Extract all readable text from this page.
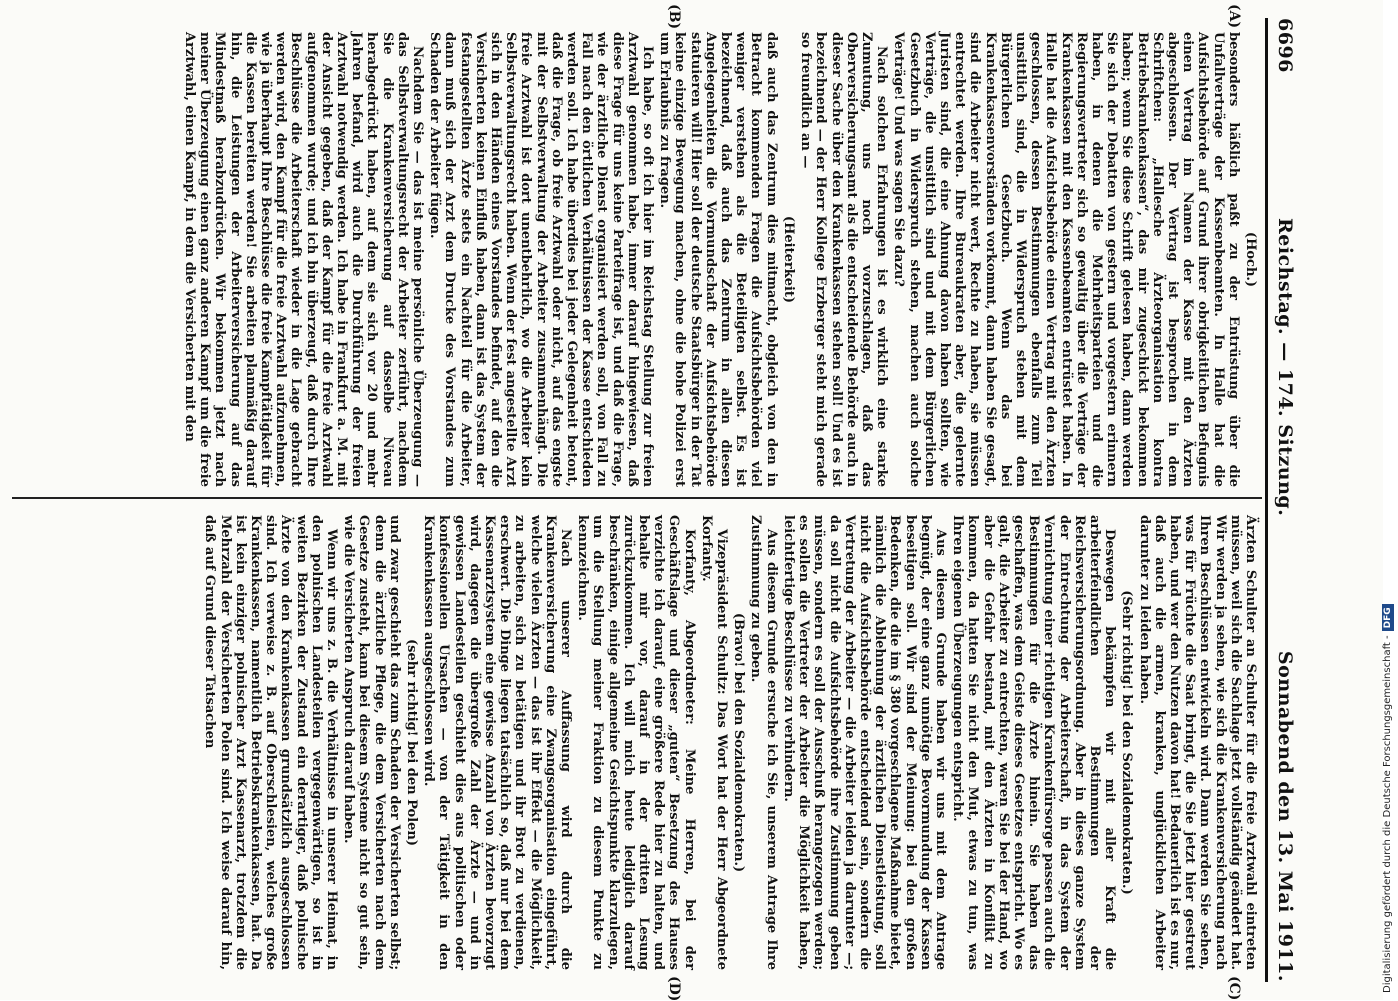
6696
Reichstag. — 174. Sitzung.
Sonnabend den 13. Mai 1911.
(A)
(B)
(C)
(D)

(Hoch.)

besonders häßlich paßt zu der Entrüstung über die Unfallverträge der Kassenbeamten. In Halle hat die Aufsichtsbehörde auf Grund ihrer obrigkeitlichen Befugnis einen Vertrag im Namen der Kasse mit den Ärzten abgeschlossen. Der Vertrag ist besprochen in dem Schriftchen: „Hallesche Ärzteorganisation kontra Betriebskrankenkassen“, das mir zugeschickt bekommen haben; wenn Sie diese Schrift gelesen haben, dann werden Sie sich der Debatten von gestern und vorgestern erinnern haben, in denen die Mehrheitsparteien und die Regierungsvertreter sich so gewaltig über die Verträge der Krankenkassen mit den Kassenbeamten entrüstet haben. In Halle hat die Aufsichtsbehörde einen Vertrag mit den Ärzten geschlossen, dessen Bestimmungen ebenfalls zum Teil unsittlich sind, die in Widerspruch stehen mit dem Bürgerlichen Gesetzbuch. Wenn das bei Krankenkassenvorständen vorkommt, dann haben Sie gesagt, sind die Arbeiter nicht wert, Rechte zu haben, sie müssen entrechtet werden. Ihre Bureaukraten aber, die gelernte Juristen sind, die eine Ahnung davon haben sollten, wie Verträge, die unsittlich sind und mit dem Bürgerlichen Gesetzbuch in Widerspruch stehen, machen auch solche Verträge! Und was sagen Sie dazu?

Nach solchen Erfahrungen ist es wirklich eine starke Zumutung, uns noch vorzuschlagen, daß das Oberversicherungsamt als die entscheidende Behörde auch in dieser Sache über den Krankenkassen stehen soll! Und es ist bezeichnend — der Herr Kollege Erzberger steht mich gerade so freundlich an —

(Heiterkeit)

daß auch das Zentrum dies mitmacht, obgleich von den in Betracht kommenden Fragen die Aufsichtsbehörden viel weniger verstehen als die Beteiligten selbst. Es ist bezeichnend, daß auch das Zentrum in allen diesen Angelegenheiten die Vormundschaft der Aufsichtsbehörde statuieren will! Hier soll der deutsche Staatsbürger in der Tat keine einzige Bewegung machen, ohne die hohe Polizei erst um Erlaubnis zu fragen.

Ich habe, so oft ich hier im Reichstag Stellung zur freien Arztwahl genommen habe, immer darauf hingewiesen, daß diese Frage für uns keine Parteifrage ist, und daß die Frage, wie der ärztliche Dienst organisiert werden soll, von Fall zu Fall nach den örtlichen Verhältnissen der Kasse entschieden werden soll. Ich habe überdies bei jeder Gelegenheit betont, daß die Frage, ob freie Arztwahl oder nicht, auf das engste mit der Selbstverwaltung der Arbeiter zusammenhängt. Die freie Arztwahl ist dort unentbehrlich, wo die Arbeiter kein Selbstverwaltungsrecht haben. Wenn der fest angestellte Arzt sich in den Händen eines Vorstandes befindet, auf den die Versicherten keinen Einfluß haben, dann ist das System der festangestellten Ärzte stets ein Nachteil für die Arbeiter, dann muß sich der Arzt dem Drucke des Vorstandes zum Schaden der Arbeiter fügen.

Nachdem Sie — das ist meine persönliche Überzeugung — das Selbstverwaltungsrecht der Arbeiter zerführt, nachdem Sie die Krankenversicherung auf dasselbe Niveau herabgedrückt haben, auf dem sie sich vor 20 und mehr Jahren befand, wird auch die Durchführung der freien Arztwahl notwendig werden. Ich habe in Frankfurt a. M. mit der Ansicht gegeben, daß der Kampf für die freie Arztwahl aufgenommen wurde; und ich bin überzeugt, daß durch Ihre Beschlüsse die Arbeiterschaft wieder in die Lage gebracht werden wird, den Kampf für die freie Arztwahl aufzunehmen, wie ja überhaupt Ihre Beschlüsse die freie Kampftätigkeit für die Kassen bereiten werden! Sie arbeiten planmäßig darauf hin, die Leistungen der Arbeiterversicherung auf das Mindestmaß herabzudrücken. Wir bekommen jetzt nach meiner Überzeugung einen ganz anderen Kampf um die freie Arztwahl, einen Kampf, in dem die Versicherten mit den

Ärzten Schulter an Schulter für die freie Arztwahl eintreten müssen, weil sich die Sachlage jetzt vollständig geändert hat. Wir werden ja sehen, wie sich die Krankenversicherung nach Ihren Beschlüssen entwickeln wird. Dann werden Sie sehen, was für Früchte die Saat bringt, die Sie jetzt hier gestreut haben, und wer den Nutzen davon hat! Bedauerlich ist es nur, daß auch die armen, kranken, unglücklichen Arbeiter darunter zu leiden haben.

(Sehr richtig! bei den Sozialdemokraten.)

Deswegen bekämpfen wir mit aller Kraft die arbeiterfeindlichen Bestimmungen der Reichsversicherungsordnung. Aber in dieses ganze System der Entrechtung der Arbeiterschaft, in das System der Vernichtung einer richtigen Krankenfürsorge passen auch die Bestimmungen für die Ärzte hinein. Sie haben das geschaffen, was dem Geiste dieses Gesetzes entspricht. Wo es galt, die Arbeiter zu entrechten, waren Sie bei der Hand, wo aber die Gefahr bestand, mit den Ärzten in Konflikt zu kommen, da hatten Sie nicht den Mut, etwas zu tun, was Ihren eigenen Überzeugungen entspricht.

Aus diesem Grunde haben wir uns mit dem Antrage begnügt, der eine ganz unnötige Bevormundung der Kassen beseitigen soll. Wir sind der Meinung: bei den großen Bedenken, die die im § 380 vorgeschlagene Maßnahme bietet, nämlich die Ablehnung der ärztlichen Dienstleistung, soll nicht die Aufsichtsbehörde entscheidend sein, sondern die Vertretung der Arbeiter — die Arbeiter leiden ja darunter —; da soll nicht die Aufsichtsbehörde ihre Zustimmung geben müssen, sondern es soll der Ausschuß herangezogen werden; es sollen die Vertreter der Arbeiter die Möglichkeit haben, leichtfertige Beschlüsse zu verhindern.

Aus diesem Grunde ersuche ich Sie, unserem Antrage Ihre Zustimmung zu geben.

(Bravo! bei den Sozialdemokraten.)

Vizepräsident Schultz: Das Wort hat der Herr Abgeordnete Korfanty.

Korfanty, Abgeordneter: Meine Herren, bei der Geschäftslage und dieser „guten“ Besetzung des Hauses verzichte ich darauf, eine größere Rede hier zu halten, und behalte mir vor, darauf in der dritten Lesung zurückzukommen. Ich will mich heute lediglich darauf beschränken, einige allgemeine Gesichtspunkte klarzulegen, um die Stellung meiner Fraktion zu diesem Punkte zu kennzeichnen.

Nach unserer Auffassung wird durch die Krankenversicherung eine Zwangsorganisation eingeführt, welche vielen Ärzten — das ist ihr Effekt — die Möglichkeit, zu arbeiten, sich zu betätigen und ihr Brot zu verdienen, erschwert. Die Dinge liegen tatsächlich so, daß nur bei dem Kassenarztsystem eine gewisse Anzahl von Ärzten bevorzugt wird, dagegen die übergroße Zahl der Ärzte — und in gewissen Landesteilen geschieht dies aus politischen oder konfessionellen Ursachen — von der Tätigkeit in den Krankenkassen ausgeschlossen wird.

(sehr richtig! bei den Polen)

und zwar geschieht das zum Schaden der Versicherten selbst; denn die ärztliche Pflege, die dem Versicherten nach dem Gesetze zusteht, kann bei diesem Systeme nicht so gut sein, wie die Versicherten Anspruch darauf haben.

Wenn wir uns z. B. die Verhältnisse in unserer Heimat, in den polnischen Landesteilen vergegenwärtigen, so ist in weiten Bezirken der Zustand ein derartiger, daß polnische Ärzte von den Krankenkassen grundsätzlich ausgeschlossen sind. Ich verweise z. B. auf Oberschlesien, welches große Krankenkassen, namentlich Betriebskrankenkassen, hat. Da ist kein einziger polnischer Arzt Kassenarzt, trotzdem die Mehrzahl der Versicherten Polen sind. Ich weise darauf hin, daß auf Grund dieser Tatsachen

Digitalisierung gefördert durch die Deutsche Forschungsgemeinschaft -DFG
